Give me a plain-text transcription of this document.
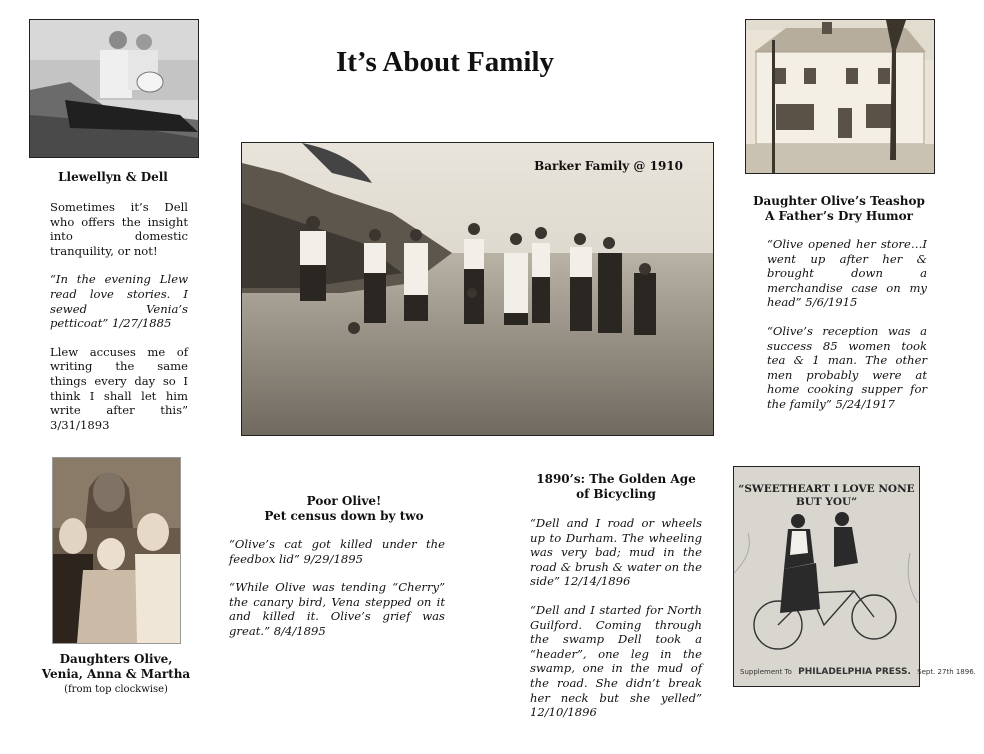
It’s About Family
Llewellyn & Dell

Sometimes it’s Dell who offers the insight into domestic tranquility, or not!

“In the evening Llew read love stories. I sewed Venia’s petticoat” 1/27/1885

Llew accuses me of writing the same things every day so I think I shall let him write after this” 3/31/1893

Barker Family @ 1910
Daughter Olive’s Teashop
A Father’s Dry Humor

“Olive opened her store…I went up after her & brought down a merchandise case on my head” 5/6/1915

“Olive’s reception was a success 85 women took tea & 1 man. The other men probably were at home cooking supper for the family” 5/24/1917

Daughters Olive,
Venia, Anna & Martha
(from top clockwise)
Poor Olive!
Pet census down by two

“Olive’s cat got killed under the feedbox lid” 9/29/1895

“While Olive was tending “Cherry” the canary bird, Vena stepped on it and killed it. Olive’s grief was great.” 8/4/1895

1890’s: The Golden Age
of Bicycling

“Dell and I road or wheels up to Durham. The wheeling was very bad; mud in the road & brush & water on the side” 12/14/1896

“Dell and I started for North Guilford. Coming through the swamp Dell took a “header”, one leg in the swamp, one in the mud of the road. She didn’t break her neck but she yelled” 12/10/1896

“SWEETHEART I LOVE NONE BUT YOU”
Supplement To PHILADELPHIA PRESS. Sept. 27th 1896.
